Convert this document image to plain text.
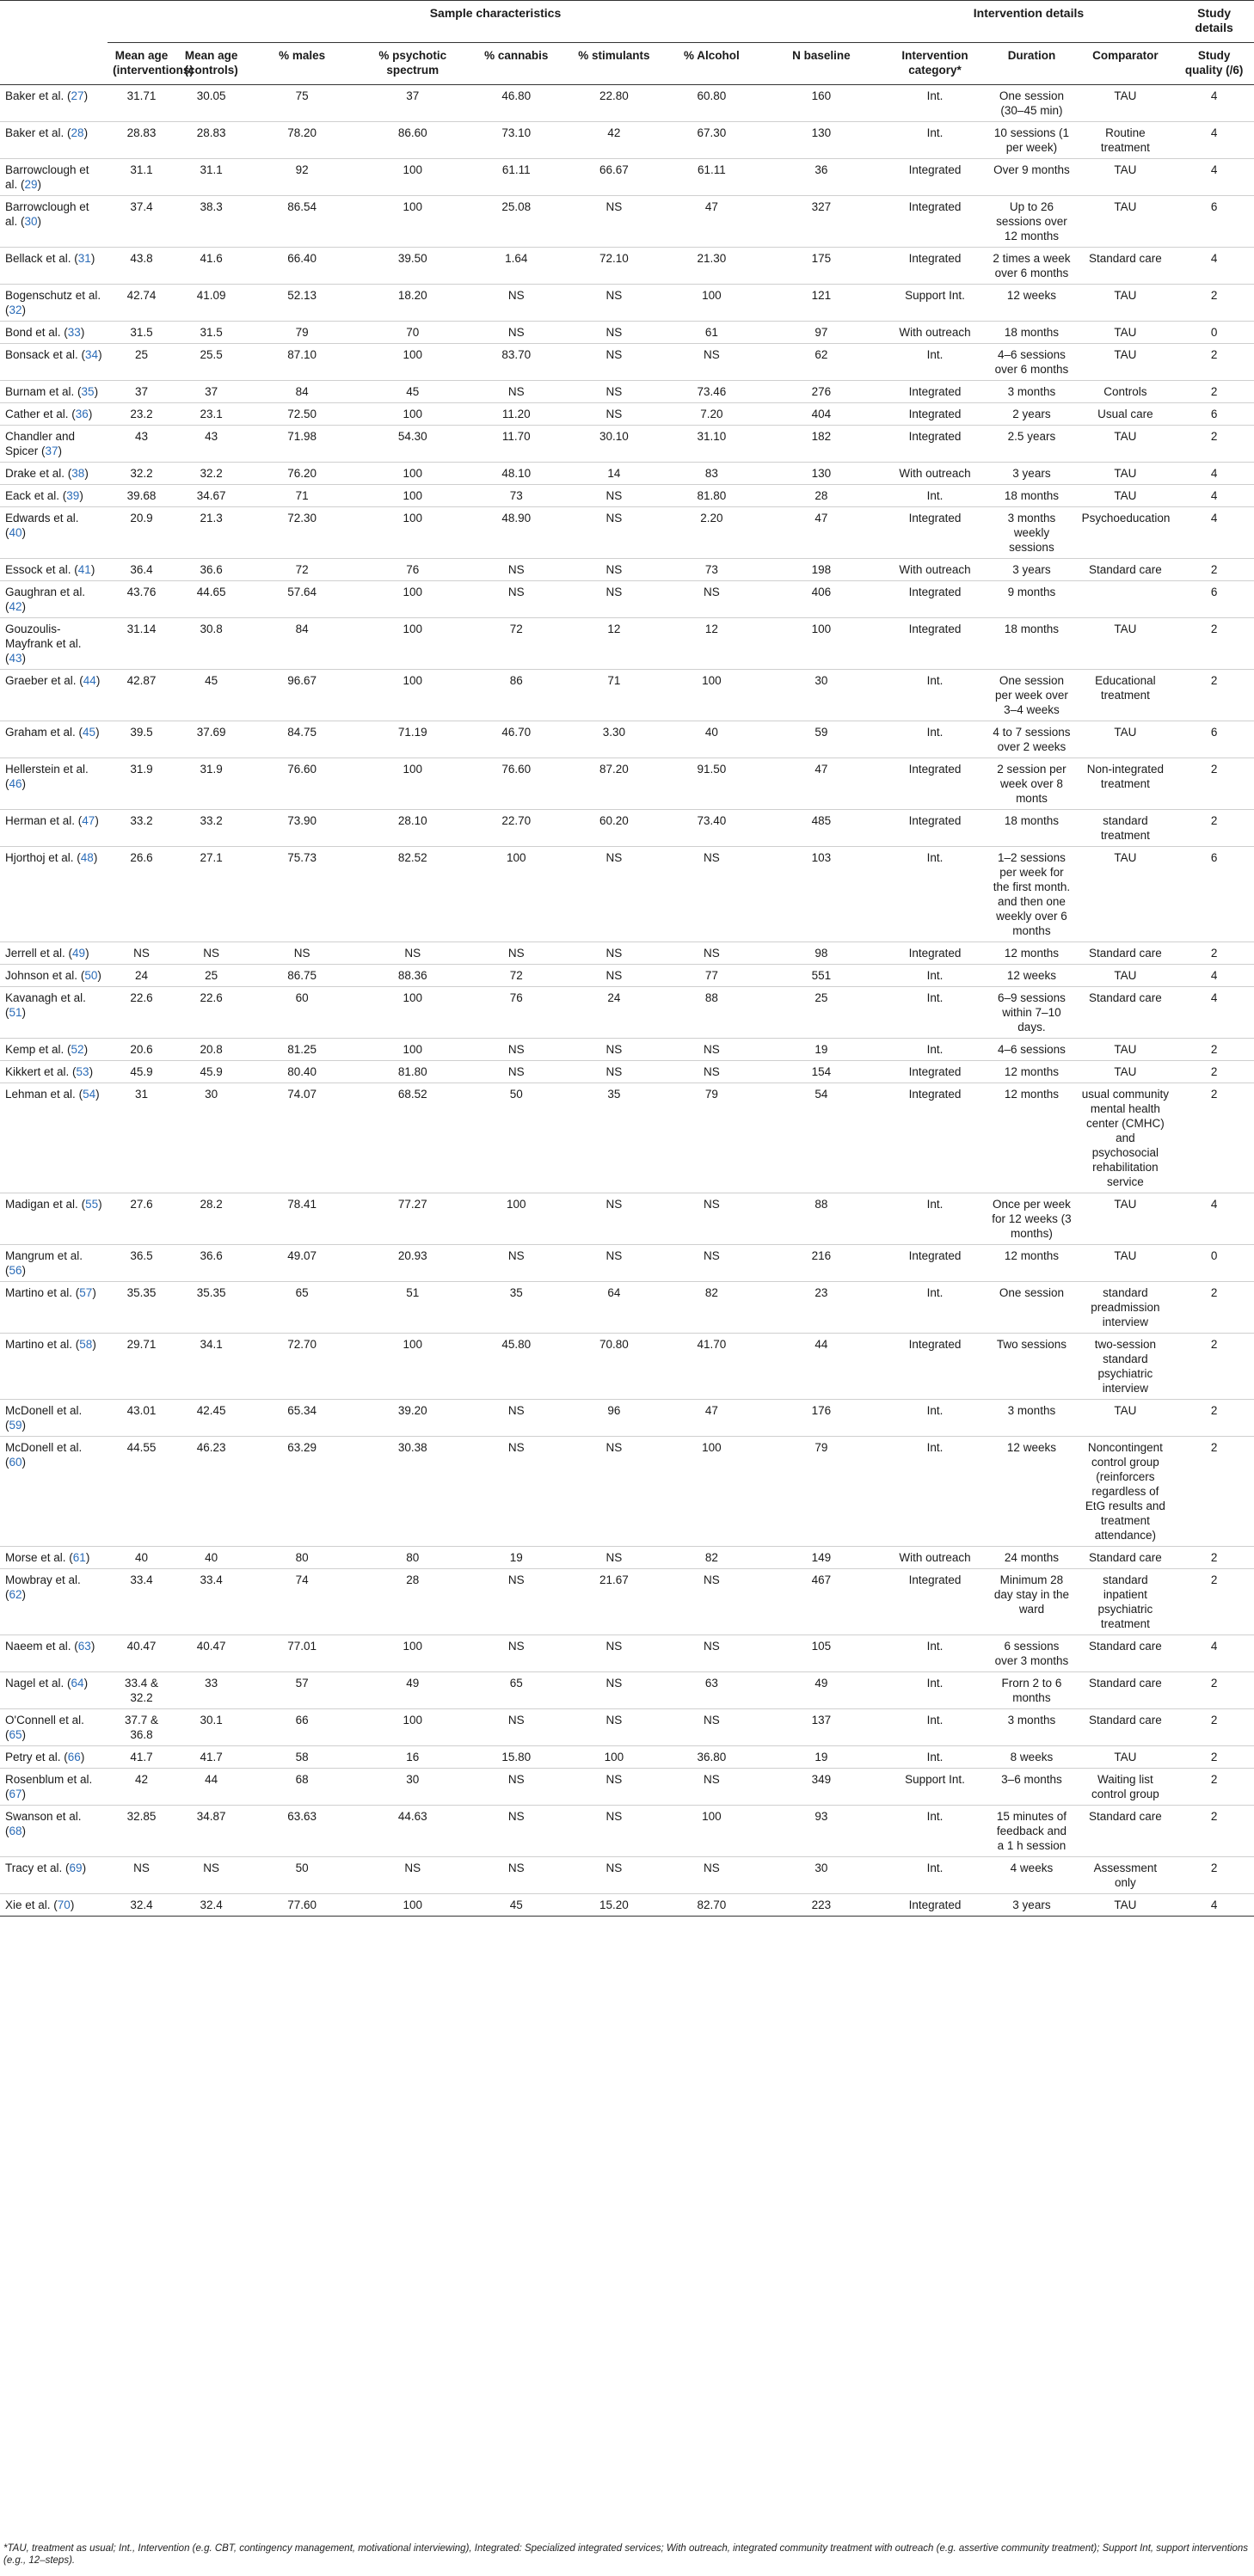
	Sample characteristics								Intervention details			Study details
	Mean age (interventions)	Mean age (controls)	% males	% psychotic spectrum	% cannabis	% stimulants	% Alcohol	N baseline	Intervention category*	Duration	Comparator	Study quality (/6)
Baker et al. (27)	31.71	30.05	75	37	46.80	22.80	60.80	160	Int.	One session (30–45 min)	TAU	4
Baker et al. (28)	28.83	28.83	78.20	86.60	73.10	42	67.30	130	Int.	10 sessions (1 per week)	Routine treatment	4
Barrowclough et al. (29)	31.1	31.1	92	100	61.11	66.67	61.11	36	Integrated	Over 9 months	TAU	4
Barrowclough et al. (30)	37.4	38.3	86.54	100	25.08	NS	47	327	Integrated	Up to 26 sessions over 12 months	TAU	6
Bellack et al. (31)	43.8	41.6	66.40	39.50	1.64	72.10	21.30	175	Integrated	2 times a week over 6 months	Standard care	4
Bogenschutz et al. (32)	42.74	41.09	52.13	18.20	NS	NS	100	121	Support Int.	12 weeks	TAU	2
Bond et al. (33)	31.5	31.5	79	70	NS	NS	61	97	With outreach	18 months	TAU	0
Bonsack et al. (34)	25	25.5	87.10	100	83.70	NS	NS	62	Int.	4–6 sessions over 6 months	TAU	2
Burnam et al. (35)	37	37	84	45	NS	NS	73.46	276	Integrated	3 months	Controls	2
Cather et al. (36)	23.2	23.1	72.50	100	11.20	NS	7.20	404	Integrated	2 years	Usual care	6
Chandler and Spicer (37)	43	43	71.98	54.30	11.70	30.10	31.10	182	Integrated	2.5 years	TAU	2
Drake et al. (38)	32.2	32.2	76.20	100	48.10	14	83	130	With outreach	3 years	TAU	4
Eack et al. (39)	39.68	34.67	71	100	73	NS	81.80	28	Int.	18 months	TAU	4
Edwards et al. (40)	20.9	21.3	72.30	100	48.90	NS	2.20	47	Integrated	3 months weekly sessions	Psychoeducation	4
Essock et al. (41)	36.4	36.6	72	76	NS	NS	73	198	With outreach	3 years	Standard care	2
Gaughran et al. (42)	43.76	44.65	57.64	100	NS	NS	NS	406	Integrated	9 months		6
Gouzoulis-Mayfrank et al. (43)	31.14	30.8	84	100	72	12	12	100	Integrated	18 months	TAU	2
Graeber et al. (44)	42.87	45	96.67	100	86	71	100	30	Int.	One session per week over 3–4 weeks	Educational treatment	2
Graham et al. (45)	39.5	37.69	84.75	71.19	46.70	3.30	40	59	Int.	4 to 7 sessions over 2 weeks	TAU	6
Hellerstein et al. (46)	31.9	31.9	76.60	100	76.60	87.20	91.50	47	Integrated	2 session per week over 8 monts	Non-integrated treatment	2
Herman et al. (47)	33.2	33.2	73.90	28.10	22.70	60.20	73.40	485	Integrated	18 months	standard treatment	2
Hjorthoj et al. (48)	26.6	27.1	75.73	82.52	100	NS	NS	103	Int.	1–2 sessions per week for the first month. and then one weekly over 6 months	TAU	6
Jerrell et al. (49)	NS	NS	NS	NS	NS	NS	NS	98	Integrated	12 months	Standard care	2
Johnson et al. (50)	24	25	86.75	88.36	72	NS	77	551	Int.	12 weeks	TAU	4
Kavanagh et al. (51)	22.6	22.6	60	100	76	24	88	25	Int.	6–9 sessions within 7–10 days.	Standard care	4
Kemp et al. (52)	20.6	20.8	81.25	100	NS	NS	NS	19	Int.	4–6 sessions	TAU	2
Kikkert et al. (53)	45.9	45.9	80.40	81.80	NS	NS	NS	154	Integrated	12 months	TAU	2
Lehman et al. (54)	31	30	74.07	68.52	50	35	79	54	Integrated	12 months	usual community mental health center (CMHC) and psychosocial rehabilitation service	2
Madigan et al. (55)	27.6	28.2	78.41	77.27	100	NS	NS	88	Int.	Once per week for 12 weeks (3 months)	TAU	4
Mangrum et al. (56)	36.5	36.6	49.07	20.93	NS	NS	NS	216	Integrated	12 months	TAU	0
Martino et al. (57)	35.35	35.35	65	51	35	64	82	23	Int.	One session	standard preadmission interview	2
Martino et al. (58)	29.71	34.1	72.70	100	45.80	70.80	41.70	44	Integrated	Two sessions	two-session standard psychiatric interview	2
McDonell et al. (59)	43.01	42.45	65.34	39.20	NS	96	47	176	Int.	3 months	TAU	2
McDonell et al. (60)	44.55	46.23	63.29	30.38	NS	NS	100	79	Int.	12 weeks	Noncontingent control group (reinforcers regardless of EtG results and treatment attendance)	2
Morse et al. (61)	40	40	80	80	19	NS	82	149	With outreach	24 months	Standard care	2
Mowbray et al. (62)	33.4	33.4	74	28	NS	21.67	NS	467	Integrated	Minimum 28 day stay in the ward	standard inpatient psychiatric treatment	2
Naeem et al. (63)	40.47	40.47	77.01	100	NS	NS	NS	105	Int.	6 sessions over 3 months	Standard care	4
Nagel et al. (64)	33.4 & 32.2	33	57	49	65	NS	63	49	Int.	Frorn 2 to 6 months	Standard care	2
O'Connell et al. (65)	37.7 & 36.8	30.1	66	100	NS	NS	NS	137	Int.	3 months	Standard care	2
Petry et al. (66)	41.7	41.7	58	16	15.80	100	36.80	19	Int.	8 weeks	TAU	2
Rosenblum et al. (67)	42	44	68	30	NS	NS	NS	349	Support Int.	3–6 months	Waiting list control group	2
Swanson et al. (68)	32.85	34.87	63.63	44.63	NS	NS	100	93	Int.	15 minutes of feedback and a 1 h session	Standard care	2
Tracy et al. (69)	NS	NS	50	NS	NS	NS	NS	30	Int.	4 weeks	Assessment only	2
Xie et al. (70)	32.4	32.4	77.60	100	45	15.20	82.70	223	Integrated	3 years	TAU	4
*TAU, treatment as usual; Int., Intervention (e.g. CBT, contingency management, motivational interviewing), Integrated: Specialized integrated services; With outreach, integrated community treatment with outreach (e.g. assertive community treatment); Support Int, support interventions (e.g., 12–steps).
